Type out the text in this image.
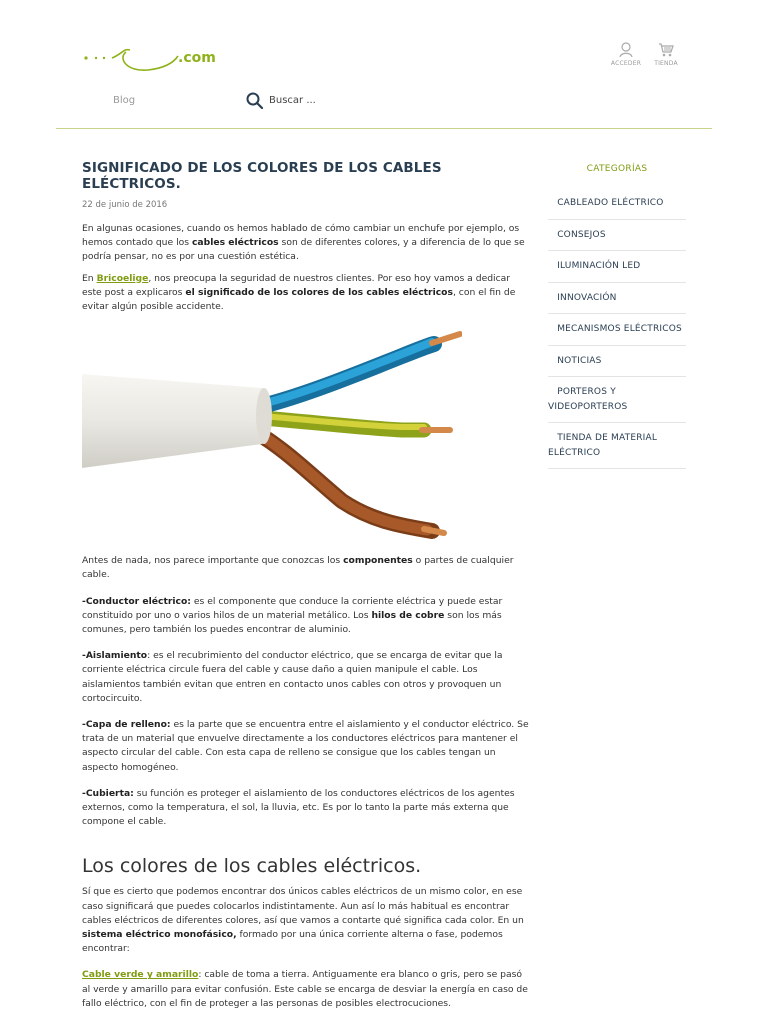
.com	ACCEDER	TIENDA
Blog	Buscar ...
SIGNIFICADO DE LOS COLORES DE LOS CABLES ELÉCTRICOS.
22 de junio de 2016

En algunas ocasiones, cuando os hemos hablado de cómo cambiar un enchufe por ejemplo, os hemos contado que los cables eléctricos son de diferentes colores, y a diferencia de lo que se podría pensar, no es por una cuestión estética.

En Bricoelige, nos preocupa la seguridad de nuestros clientes. Por eso hoy vamos a dedicar este post a explicaros el significado de los colores de los cables eléctricos, con el fin de evitar algún posible accidente.

Antes de nada, nos parece importante que conozcas los componentes o partes de cualquier cable.

-Conductor eléctrico: es el componente que conduce la corriente eléctrica y puede estar constituido por uno o varios hilos de un material metálico. Los hilos de cobre son los más comunes, pero también los puedes encontrar de aluminio.

-Aislamiento: es el recubrimiento del conductor eléctrico, que se encarga de evitar que la corriente eléctrica circule fuera del cable y cause daño a quien manipule el cable. Los aislamientos también evitan que entren en contacto unos cables con otros y provoquen un cortocircuito.

-Capa de relleno: es la parte que se encuentra entre el aislamiento y el conductor eléctrico. Se trata de un material que envuelve directamente a los conductores eléctricos para mantener el aspecto circular del cable. Con esta capa de relleno se consigue que los cables tengan un aspecto homogéneo.

-Cubierta: su función es proteger el aislamiento de los conductores eléctricos de los agentes externos, como la temperatura, el sol, la lluvia, etc. Es por lo tanto la parte más externa que compone el cable.

Los colores de los cables eléctricos.

Sí que es cierto que podemos encontrar dos únicos cables eléctricos de un mismo color, en ese caso significará que puedes colocarlos indistintamente. Aun así lo más habitual es encontrar cables eléctricos de diferentes colores, así que vamos a contarte qué significa cada color. En un sistema eléctrico monofásico, formado por una única corriente alterna o fase, podemos encontrar:

Cable verde y amarillo: cable de toma a tierra. Antiguamente era blanco o gris, pero se pasó al verde y amarillo para evitar confusión. Este cable se encarga de desviar la energía en caso de fallo eléctrico, con el fin de proteger a las personas de posibles electrocuciones.

CATEGORÍAS
CABLEADO ELÉCTRICO
CONSEJOS
ILUMINACIÓN LED
INNOVACIÓN
MECANISMOS ELÉCTRICOS
NOTICIAS
PORTEROS Y VIDEOPORTEROS
TIENDA DE MATERIAL ELÉCTRICO
